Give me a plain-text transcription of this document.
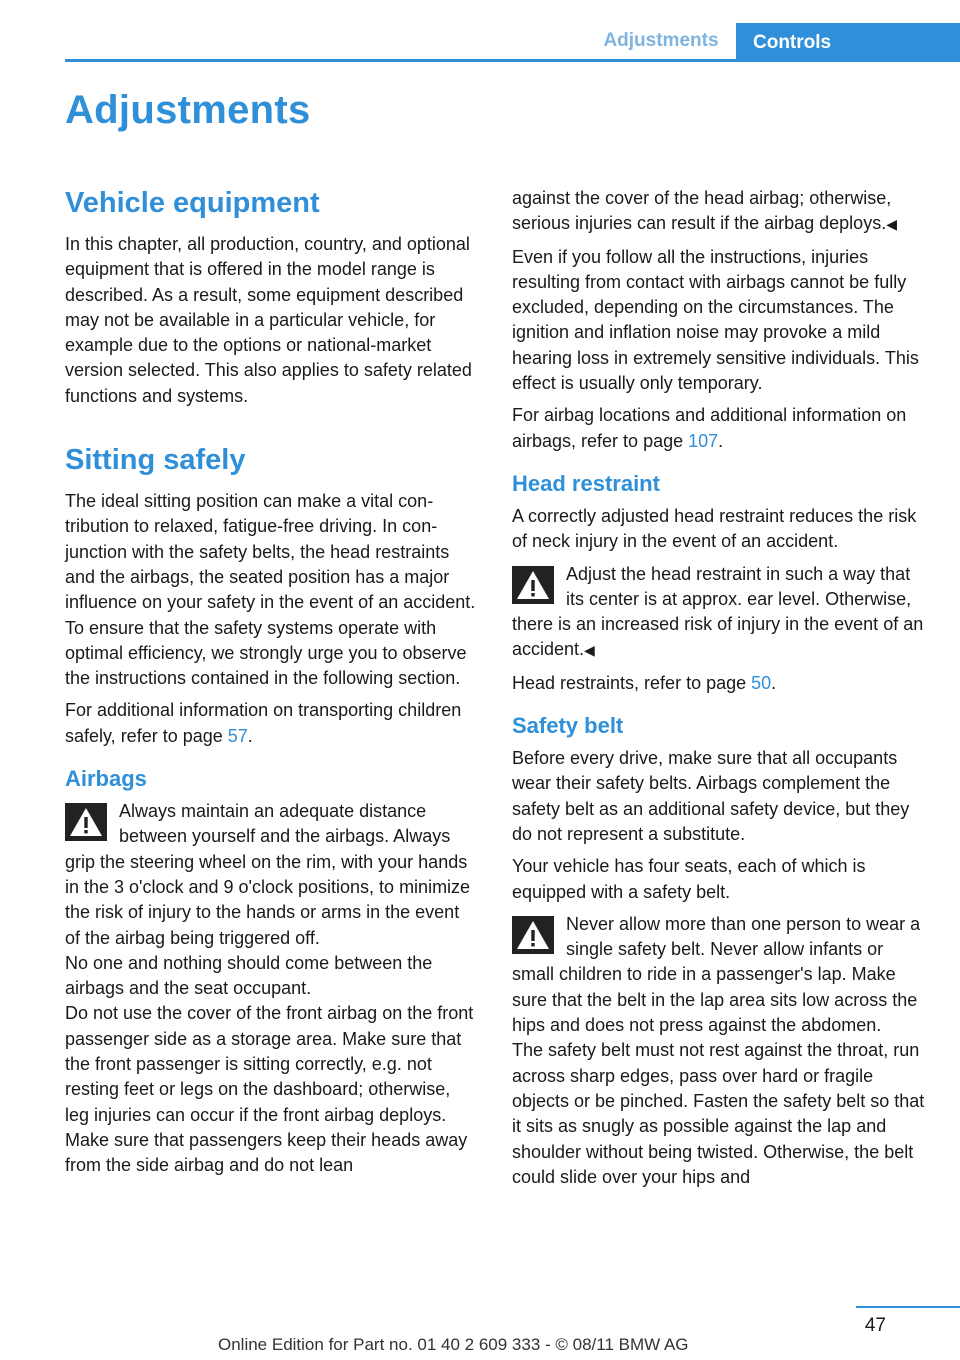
Adjustments	Controls
Adjustments
Vehicle equipment

In this chapter, all production, country, and optional equipment that is offered in the model range is described. As a result, some equipment described may not be available in a particular vehicle, for example due to the options or national-market version selected. This also applies to safety related functions and systems.

Sitting safely

The ideal sitting position can make a vital contribution to relaxed, fatigue-free driving. In conjunction with the safety belts, the head restraints and the airbags, the seated position has a major influence on your safety in the event of an accident. To ensure that the safety systems operate with optimal efficiency, we strongly urge you to observe the instructions contained in the following section.

For additional information on transporting children safely, refer to page 57.

Airbags
Always maintain an adequate distance between yourself and the airbags. Always grip the steering wheel on the rim, with your hands in the 3 o'clock and 9 o'clock positions, to minimize the risk of injury to the hands or arms in the event of the airbag being triggered off.
No one and nothing should come between the airbags and the seat occupant.
Do not use the cover of the front airbag on the front passenger side as a storage area. Make sure that the front passenger is sitting correctly, e.g. not resting feet or legs on the dashboard; otherwise, leg injuries can occur if the front airbag deploys.
Make sure that passengers keep their heads away from the side airbag and do not lean

against the cover of the head airbag; otherwise, serious injuries can result if the airbag deploys.◀

Even if you follow all the instructions, injuries resulting from contact with airbags cannot be fully excluded, depending on the circumstances. The ignition and inflation noise may provoke a mild hearing loss in extremely sensitive individuals. This effect is usually only temporary.

For airbag locations and additional information on airbags, refer to page 107.

Head restraint

A correctly adjusted head restraint reduces the risk of neck injury in the event of an accident.

Adjust the head restraint in such a way that its center is at approx. ear level. Otherwise, there is an increased risk of injury in the event of an accident.◀

Head restraints, refer to page 50.

Safety belt

Before every drive, make sure that all occupants wear their safety belts. Airbags complement the safety belt as an additional safety device, but they do not represent a substitute.

Your vehicle has four seats, each of which is equipped with a safety belt.

Never allow more than one person to wear a single safety belt. Never allow infants or small children to ride in a passenger's lap. Make sure that the belt in the lap area sits low across the hips and does not press against the abdomen.
The safety belt must not rest against the throat, run across sharp edges, pass over hard or fragile objects or be pinched. Fasten the safety belt so that it sits as snugly as possible against the lap and shoulder without being twisted. Otherwise, the belt could slide over your hips and
47
Online Edition for Part no. 01 40 2 609 333 - © 08/11 BMW AG
